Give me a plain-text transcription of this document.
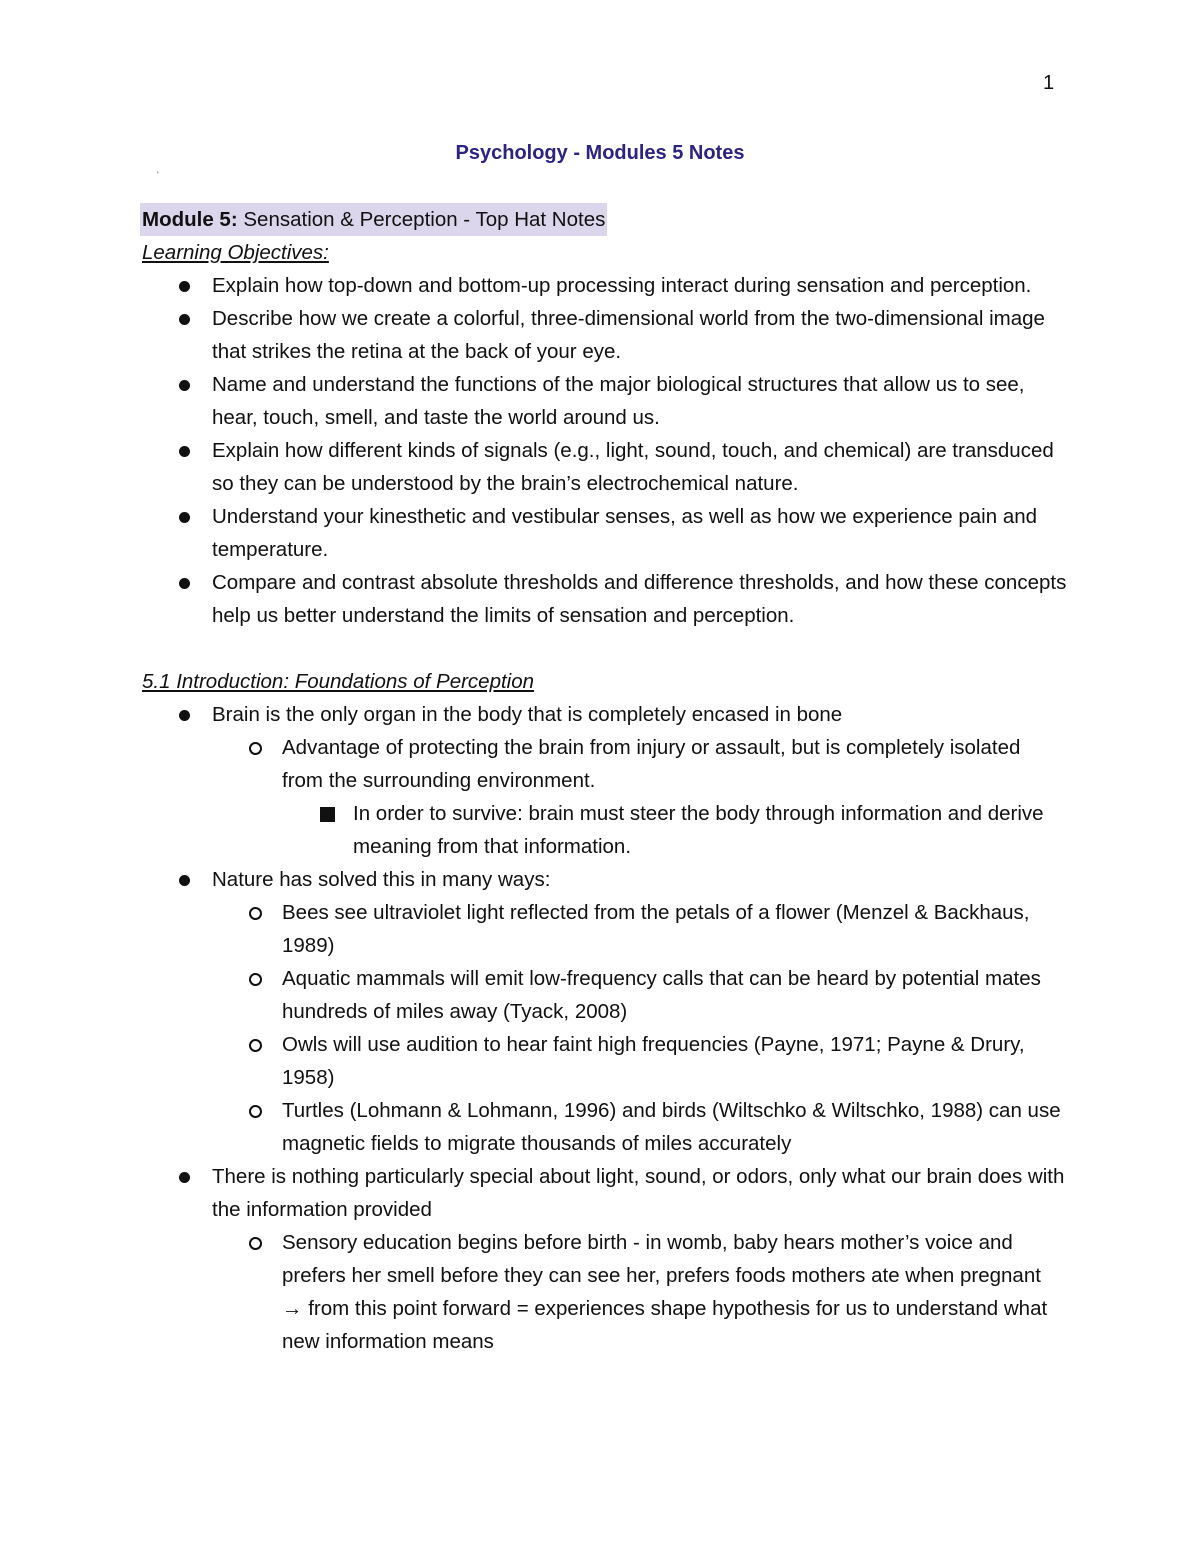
1
Psychology - Modules 5 Notes
'
Module 5: Sensation & Perception - Top Hat Notes
Learning Objectives:
Explain how top-down and bottom-up processing interact during sensation and perception.
Describe how we create a colorful, three-dimensional world from the two-dimensional image that strikes the retina at the back of your eye.
Name and understand the functions of the major biological structures that allow us to see, hear, touch, smell, and taste the world around us.
Explain how different kinds of signals (e.g., light, sound, touch, and chemical) are transduced so they can be understood by the brain’s electrochemical nature.
Understand your kinesthetic and vestibular senses, as well as how we experience pain and temperature.
Compare and contrast absolute thresholds and difference thresholds, and how these concepts help us better understand the limits of sensation and perception.
5.1 Introduction: Foundations of Perception
Brain is the only organ in the body that is completely encased in bone
Advantage of protecting the brain from injury or assault, but is completely isolated from the surrounding environment.
In order to survive: brain must steer the body through information and derive meaning from that information.
Nature has solved this in many ways:
Bees see ultraviolet light reflected from the petals of a flower (Menzel & Backhaus, 1989)
Aquatic mammals will emit low-frequency calls that can be heard by potential mates hundreds of miles away (Tyack, 2008)
Owls will use audition to hear faint high frequencies (Payne, 1971; Payne & Drury, 1958)
Turtles (Lohmann & Lohmann, 1996) and birds (Wiltschko & Wiltschko, 1988) can use magnetic fields to migrate thousands of miles accurately
There is nothing particularly special about light, sound, or odors, only what our brain does with the information provided
Sensory education begins before birth - in womb, baby hears mother’s voice and prefers her smell before they can see her, prefers foods mothers ate when pregnant → from this point forward = experiences shape hypothesis for us to understand what new information means
